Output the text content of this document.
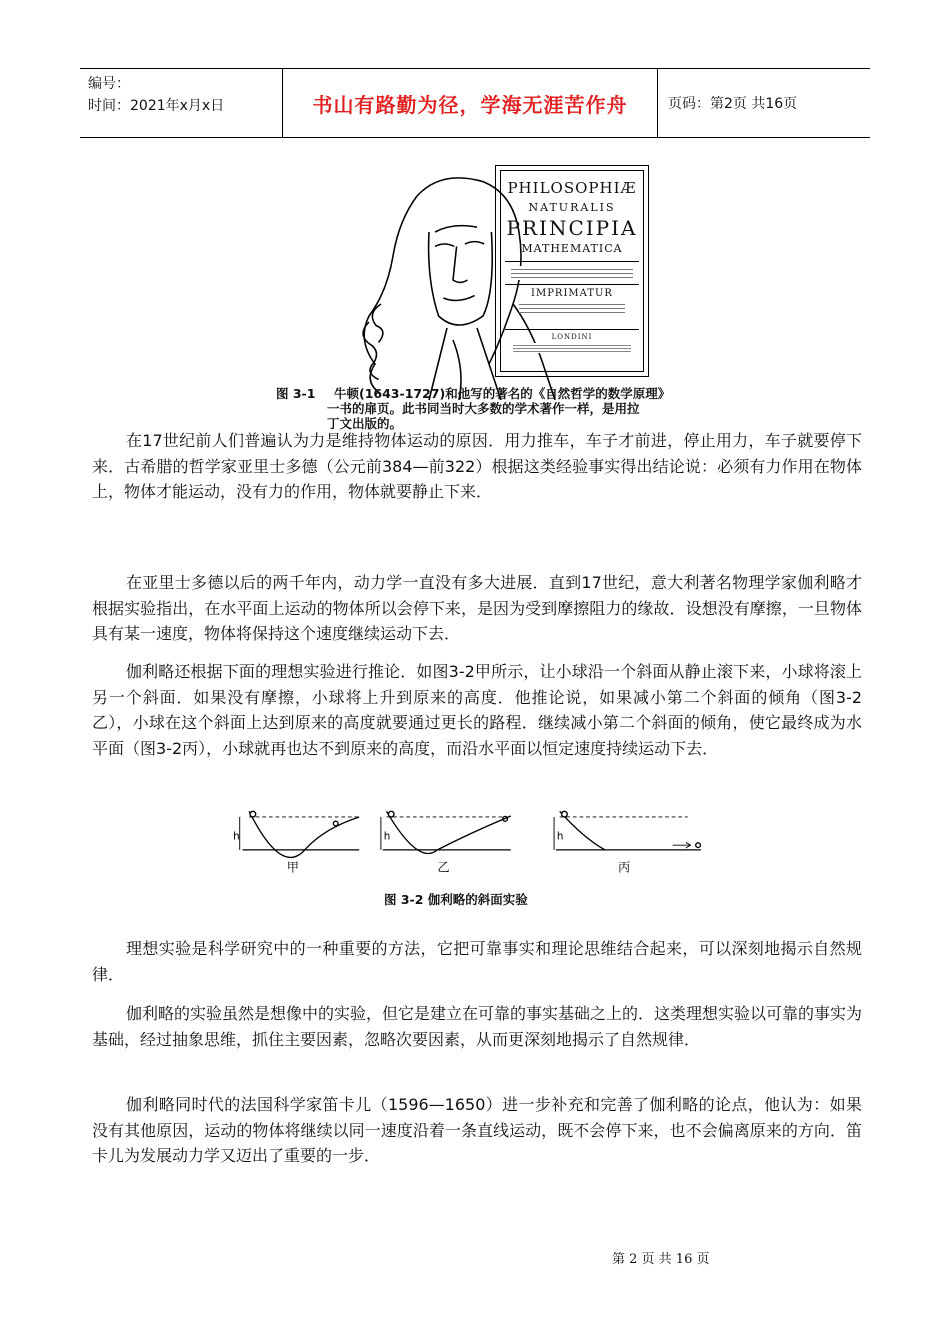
编号：
时间：2021年x月x日	书山有路勤为径，学海无涯苦作舟	页码：第2页 共16页
PHILOSOPHIÆ
NATURALIS
PRINCIPIA
MATHEMATICA
IMPRIMATUR
LONDINI
图 3-1 牛顿(1643-1727)和他写的著名的《自然哲学的数学原理》
一书的扉页。此书同当时大多数的学术著作一样，是用拉
丁文出版的。

在17世纪前人们普遍认为力是维持物体运动的原因．用力推车，车子才前进，停止用力，车子就要停下来．古希腊的哲学家亚里士多德（公元前384—前322）根据这类经验事实得出结论说：必须有力作用在物体上，物体才能运动，没有力的作用，物体就要静止下来．

在亚里士多德以后的两千年内，动力学一直没有多大进展．直到17世纪，意大利著名物理学家伽利略才根据实验指出，在水平面上运动的物体所以会停下来，是因为受到摩擦阻力的缘故．设想没有摩擦，一旦物体具有某一速度，物体将保持这个速度继续运动下去．

伽利略还根据下面的理想实验进行推论．如图3-2甲所示，让小球沿一个斜面从静止滚下来，小球将滚上另一个斜面．如果没有摩擦，小球将上升到原来的高度．他推论说，如果减小第二个斜面的倾角（图3-2乙），小球在这个斜面上达到原来的高度就要通过更长的路程．继续减小第二个斜面的倾角，使它最终成为水平面（图3-2丙），小球就再也达不到原来的高度，而沿水平面以恒定速度持续运动下去．

理想实验是科学研究中的一种重要的方法，它把可靠事实和理论思维结合起来，可以深刻地揭示自然规律．

伽利略的实验虽然是想像中的实验，但它是建立在可靠的事实基础之上的．这类理想实验以可靠的事实为基础，经过抽象思维，抓住主要因素，忽略次要因素，从而更深刻地揭示了自然规律．

伽利略同时代的法国科学家笛卡儿（1596—1650）进一步补充和完善了伽利略的论点，他认为：如果没有其他原因，运动的物体将继续以同一速度沿着一条直线运动，既不会停下来，也不会偏离原来的方向．笛卡儿为发展动力学又迈出了重要的一步．

h	h	h
甲	乙	丙
图 3-2 伽利略的斜面实验
第 2 页 共 16 页
